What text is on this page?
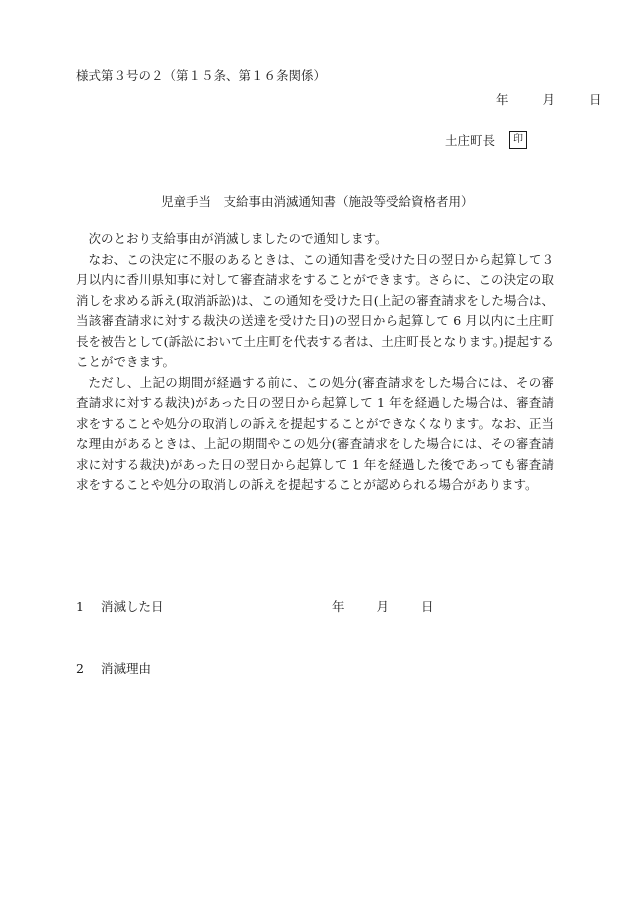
様式第３号の２（第１５条、第１６条関係）
年	月	日
土庄町長	印
児童手当　支給事由消滅通知書（施設等受給資格者用）

次のとおり支給事由が消滅しましたので通知します。

なお、この決定に不服のあるときは、この通知書を受けた日の翌日から起算して３月以内に香川県知事に対して審査請求をすることができます。さらに、この決定の取消しを求める訴え(取消訴訟)は、この通知を受けた日(上記の審査請求をした場合は、当該審査請求に対する裁決の送達を受けた日)の翌日から起算して 6 月以内に土庄町長を被告として(訴訟において土庄町を代表する者は、土庄町長となります。)提起することができます。

ただし、上記の期間が経過する前に、この処分(審査請求をした場合には、その審査請求に対する裁決)があった日の翌日から起算して 1 年を経過した場合は、審査請求をすることや処分の取消しの訴えを提起することができなくなります。なお、正当な理由があるときは、上記の期間やこの処分(審査請求をした場合には、その審査請求に対する裁決)があった日の翌日から起算して 1 年を経過した後であっても審査請求をすることや処分の取消しの訴えを提起することが認められる場合があります。

1 消滅した日	年	月	日
2 消滅理由
